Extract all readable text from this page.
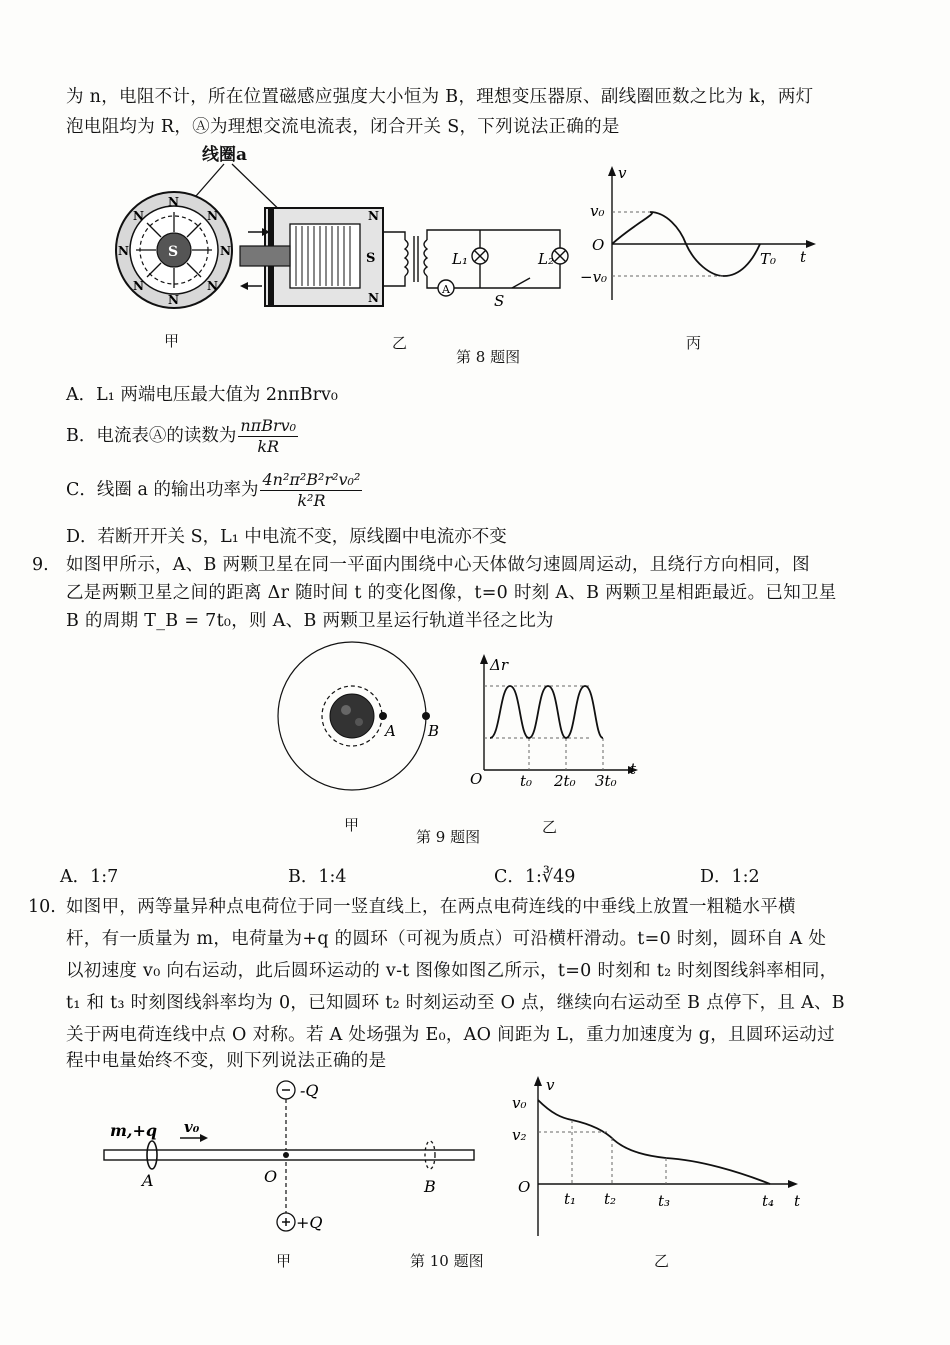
为 n，电阻不计，所在位置磁感应强度大小恒为 B，理想变压器原、副线圈匝数之比为 k，两灯
泡电阻均为 R，Ⓐ为理想交流电流表，闭合开关 S，下列说法正确的是
线圈a
S
N
N
N	N
N	N
N	N
S
N
N
A
L₁	L₂
S
v
v₀
O
−v₀
T₀ t
甲	乙	丙
第 8 题图
A．L₁ 两端电压最大值为 2nπBrv₀
B．电流表Ⓐ的读数为 $\frac{\text{nπBrv₀}}{kR}$
C．线圈 a 的输出功率为 $\frac{\text{4n²π²B²r²v₀²}}{\text{k²R}}$
D．若断开开关 S，L₁ 中电流不变，原线圈中电流亦不变
9. 如图甲所示，A、B 两颗卫星在同一平面内围绕中心天体做匀速圆周运动，且绕行方向相同，图
乙是两颗卫星之间的距离 Δr 随时间 t 的变化图像，t=0 时刻 A、B 两颗卫星相距最近。已知卫星
B 的周期 T_B = 7t₀，则 A、B 两颗卫星运行轨道半径之比为
A B
Δr
O	t₀ 2t₀ 3t₀
t
甲
第 9 题图
乙
A．1:7	B．1:4	C．1:∛49	D．1:2
10. 如图甲，两等量异种点电荷位于同一竖直线上，在两点电荷连线的中垂线上放置一粗糙水平横
杆，有一质量为 m，电荷量为+q 的圆环（可视为质点）可沿横杆滑动。t=0 时刻，圆环自 A 处
以初速度 v₀ 向右运动，此后圆环运动的 v-t 图像如图乙所示，t=0 时刻和 t₂ 时刻图线斜率相同，
t₁ 和 t₃ 时刻图线斜率均为 0，已知圆环 t₂ 时刻运动至 O 点，继续向右运动至 B 点停下，且 A、B
关于两电荷连线中点 O 对称。若 A 处场强为 E₀，AO 间距为 L，重力加速度为 g，且圆环运动过
程中电量始终不变，则下列说法正确的是
-Q
+Q
m,+q v₀
A	O
B
v
v₀
v₂
O
t₁ t₂	t₃	t₄ t
甲	第 10 题图	乙
